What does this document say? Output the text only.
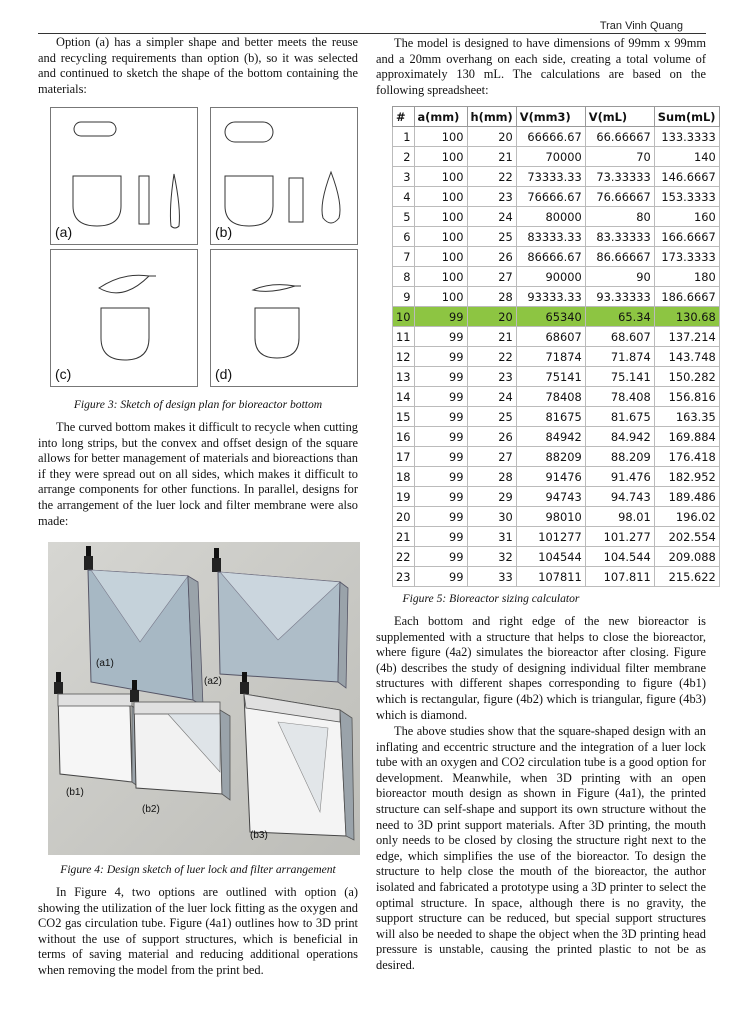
Tran Vinh Quang

Option (a) has a simpler shape and better meets the reuse and recycling requirements than option (b), so it was selected and continued to sketch the shape of the bottom containing the materials:

(a)	(b)
(c)	(d)

Figure 3: Sketch of design plan for bioreactor bottom

The curved bottom makes it difficult to recycle when cutting into long strips, but the convex and offset design of the square allows for better management of materials and bioreactions than if they were spread out on all sides, which makes it difficult to arrange components for other functions. In parallel, designs for the arrangement of the luer lock and filter membrane were also made:

(a1)
(a2)
(b1)
(b2)
(b3)

Figure 4: Design sketch of luer lock and filter arrangement

In Figure 4, two options are outlined with option (a) showing the utilization of the luer lock fitting as the oxygen and CO2 gas circulation tube. Figure (4a1) outlines how to 3D print without the use of support structures, which is beneficial in terms of saving material and reducing additional operations when removing the model from the print bed.

The model is designed to have dimensions of 99mm x 99mm and a 20mm overhang on each side, creating a total volume of approximately 130 mL. The calculations are based on the following spreadsheet:

#	a(mm)	h(mm)	V(mm3)	V(mL)	Sum(mL)
1	100	20	66666.67	66.66667	133.3333
2	100	21	70000	70	140
3	100	22	73333.33	73.33333	146.6667
4	100	23	76666.67	76.66667	153.3333
5	100	24	80000	80	160
6	100	25	83333.33	83.33333	166.6667
7	100	26	86666.67	86.66667	173.3333
8	100	27	90000	90	180
9	100	28	93333.33	93.33333	186.6667
10	99	20	65340	65.34	130.68
11	99	21	68607	68.607	137.214
12	99	22	71874	71.874	143.748
13	99	23	75141	75.141	150.282
14	99	24	78408	78.408	156.816
15	99	25	81675	81.675	163.35
16	99	26	84942	84.942	169.884
17	99	27	88209	88.209	176.418
18	99	28	91476	91.476	182.952
19	99	29	94743	94.743	189.486
20	99	30	98010	98.01	196.02
21	99	31	101277	101.277	202.554
22	99	32	104544	104.544	209.088
23	99	33	107811	107.811	215.622

Figure 5: Bioreactor sizing calculator

Each bottom and right edge of the new bioreactor is supplemented with a structure that helps to close the bioreactor, where figure (4a2) simulates the bioreactor after closing. Figure (4b) describes the study of designing individual filter membrane structures with different shapes corresponding to figure (4b1) which is rectangular, figure (4b2) which is triangular, figure (4b3) which is diamond.

The above studies show that the square-shaped design with an inflating and eccentric structure and the integration of a luer lock tube with an oxygen and CO2 circulation tube is a good option for development. Meanwhile, when 3D printing with an open bioreactor mouth design as shown in Figure (4a1), the printed structure can self-shape and support its own structure without the need to 3D print support materials. After 3D printing, the mouth only needs to be closed by closing the structure right next to the edge, which simplifies the use of the bioreactor. To design the structure to help close the mouth of the bioreactor, the author isolated and fabricated a prototype using a 3D printer to select the optimal structure. In space, although there is no gravity, the support structure can be reduced, but special support structures will also be needed to shape the object when the 3D printing head pressure is unstable, causing the printed plastic to not be as desired.
